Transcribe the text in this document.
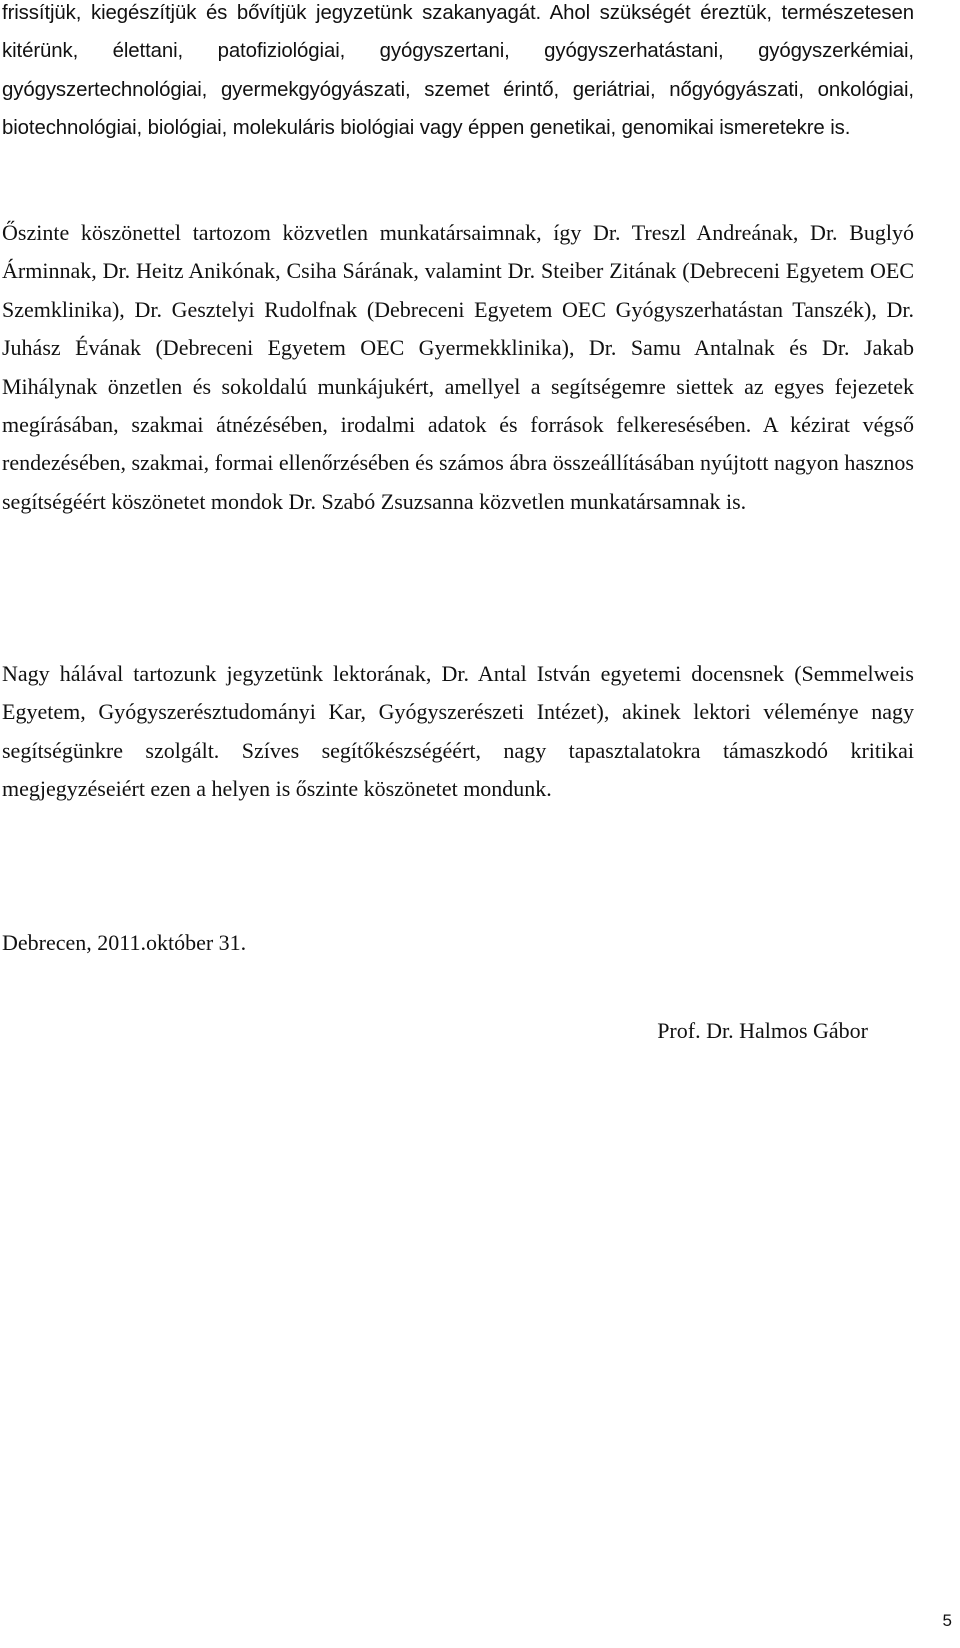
frissítjük, kiegészítjük és bővítjük jegyzetünk szakanyagát. Ahol szükségét éreztük, természetesen kitérünk, élettani, patofiziológiai, gyógyszertani, gyógyszerhatástani, gyógyszerkémiai, gyógyszertechnológiai, gyermekgyógyászati, szemet érintő, geriátriai, nőgyógyászati, onkológiai, biotechnológiai, biológiai, molekuláris biológiai vagy éppen genetikai, genomikai ismeretekre is.

Őszinte köszönettel tartozom közvetlen munkatársaimnak, így Dr. Treszl Andreának, Dr. Buglyó Árminnak, Dr. Heitz Anikónak, Csiha Sárának, valamint Dr. Steiber Zitának (Debreceni Egyetem OEC Szemklinika), Dr. Gesztelyi Rudolfnak (Debreceni Egyetem OEC Gyógyszerhatástan Tanszék), Dr. Juhász Évának (Debreceni Egyetem OEC Gyermekklinika), Dr. Samu Antalnak és Dr. Jakab Mihálynak önzetlen és sokoldalú munkájukért, amellyel a segítségemre siettek az egyes fejezetek megírásában, szakmai átnézésében, irodalmi adatok és források felkeresésében. A kézirat végső rendezésében, szakmai, formai ellenőrzésében és számos ábra összeállításában nyújtott nagyon hasznos segítségéért köszönetet mondok Dr. Szabó Zsuzsanna közvetlen munkatársamnak is.

Nagy hálával tartozunk jegyzetünk lektorának, Dr. Antal István egyetemi docensnek (Semmelweis Egyetem, Gyógyszerésztudományi Kar, Gyógyszerészeti Intézet), akinek lektori véleménye nagy segítségünkre szolgált. Szíves segítőkészségéért, nagy tapasztalatokra támaszkodó kritikai megjegyzéseiért ezen a helyen is őszinte köszönetet mondunk.

Debrecen, 2011.október 31.

Prof. Dr. Halmos Gábor

5
